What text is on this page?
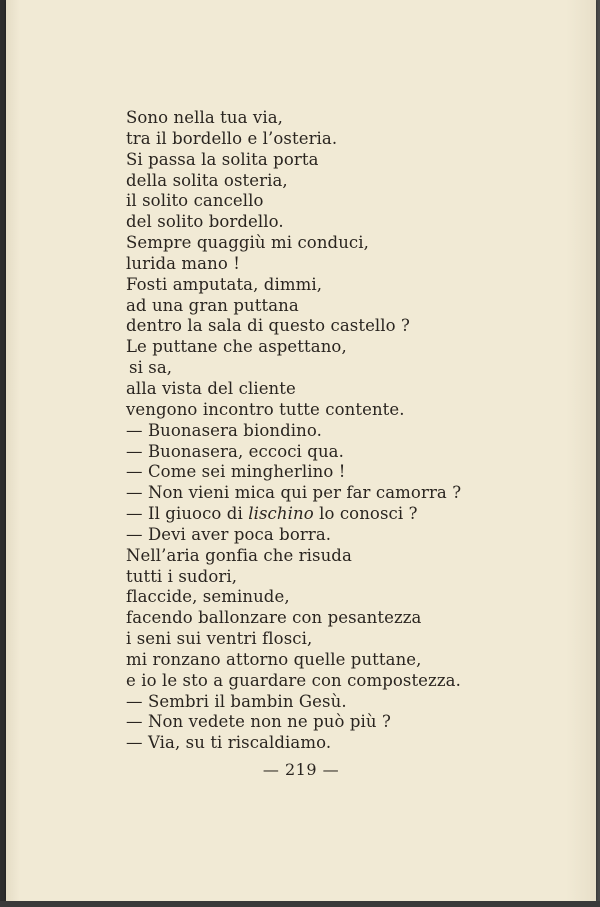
Sono nella tua via,
tra il bordello e l’osteria.
Si passa la solita porta
della solita osteria,
il solito cancello
del solito bordello.
Sempre quaggiù mi conduci,
lurida mano !
Fosti amputata, dimmi,
ad una gran puttana
dentro la sala di questo castello ?
Le puttane che aspettano,
si sa,
alla vista del cliente
vengono incontro tutte contente.
— Buonasera biondino.
— Buonasera, eccoci qua.
— Come sei mingherlino !
— Non vieni mica qui per far camorra ?
— Il giuoco di lischino lo conosci ?
— Devi aver poca borra.
Nell’aria gonfia che risuda
tutti i sudori,
flaccide, seminude,
facendo ballonzare con pesantezza
i seni sui ventri flosci,
mi ronzano attorno quelle puttane,
e io le sto a guardare con compostezza.
— Sembri il bambin Gesù.
— Non vedete non ne può più ?
— Via, su ti riscaldiamo.
— 219 —
